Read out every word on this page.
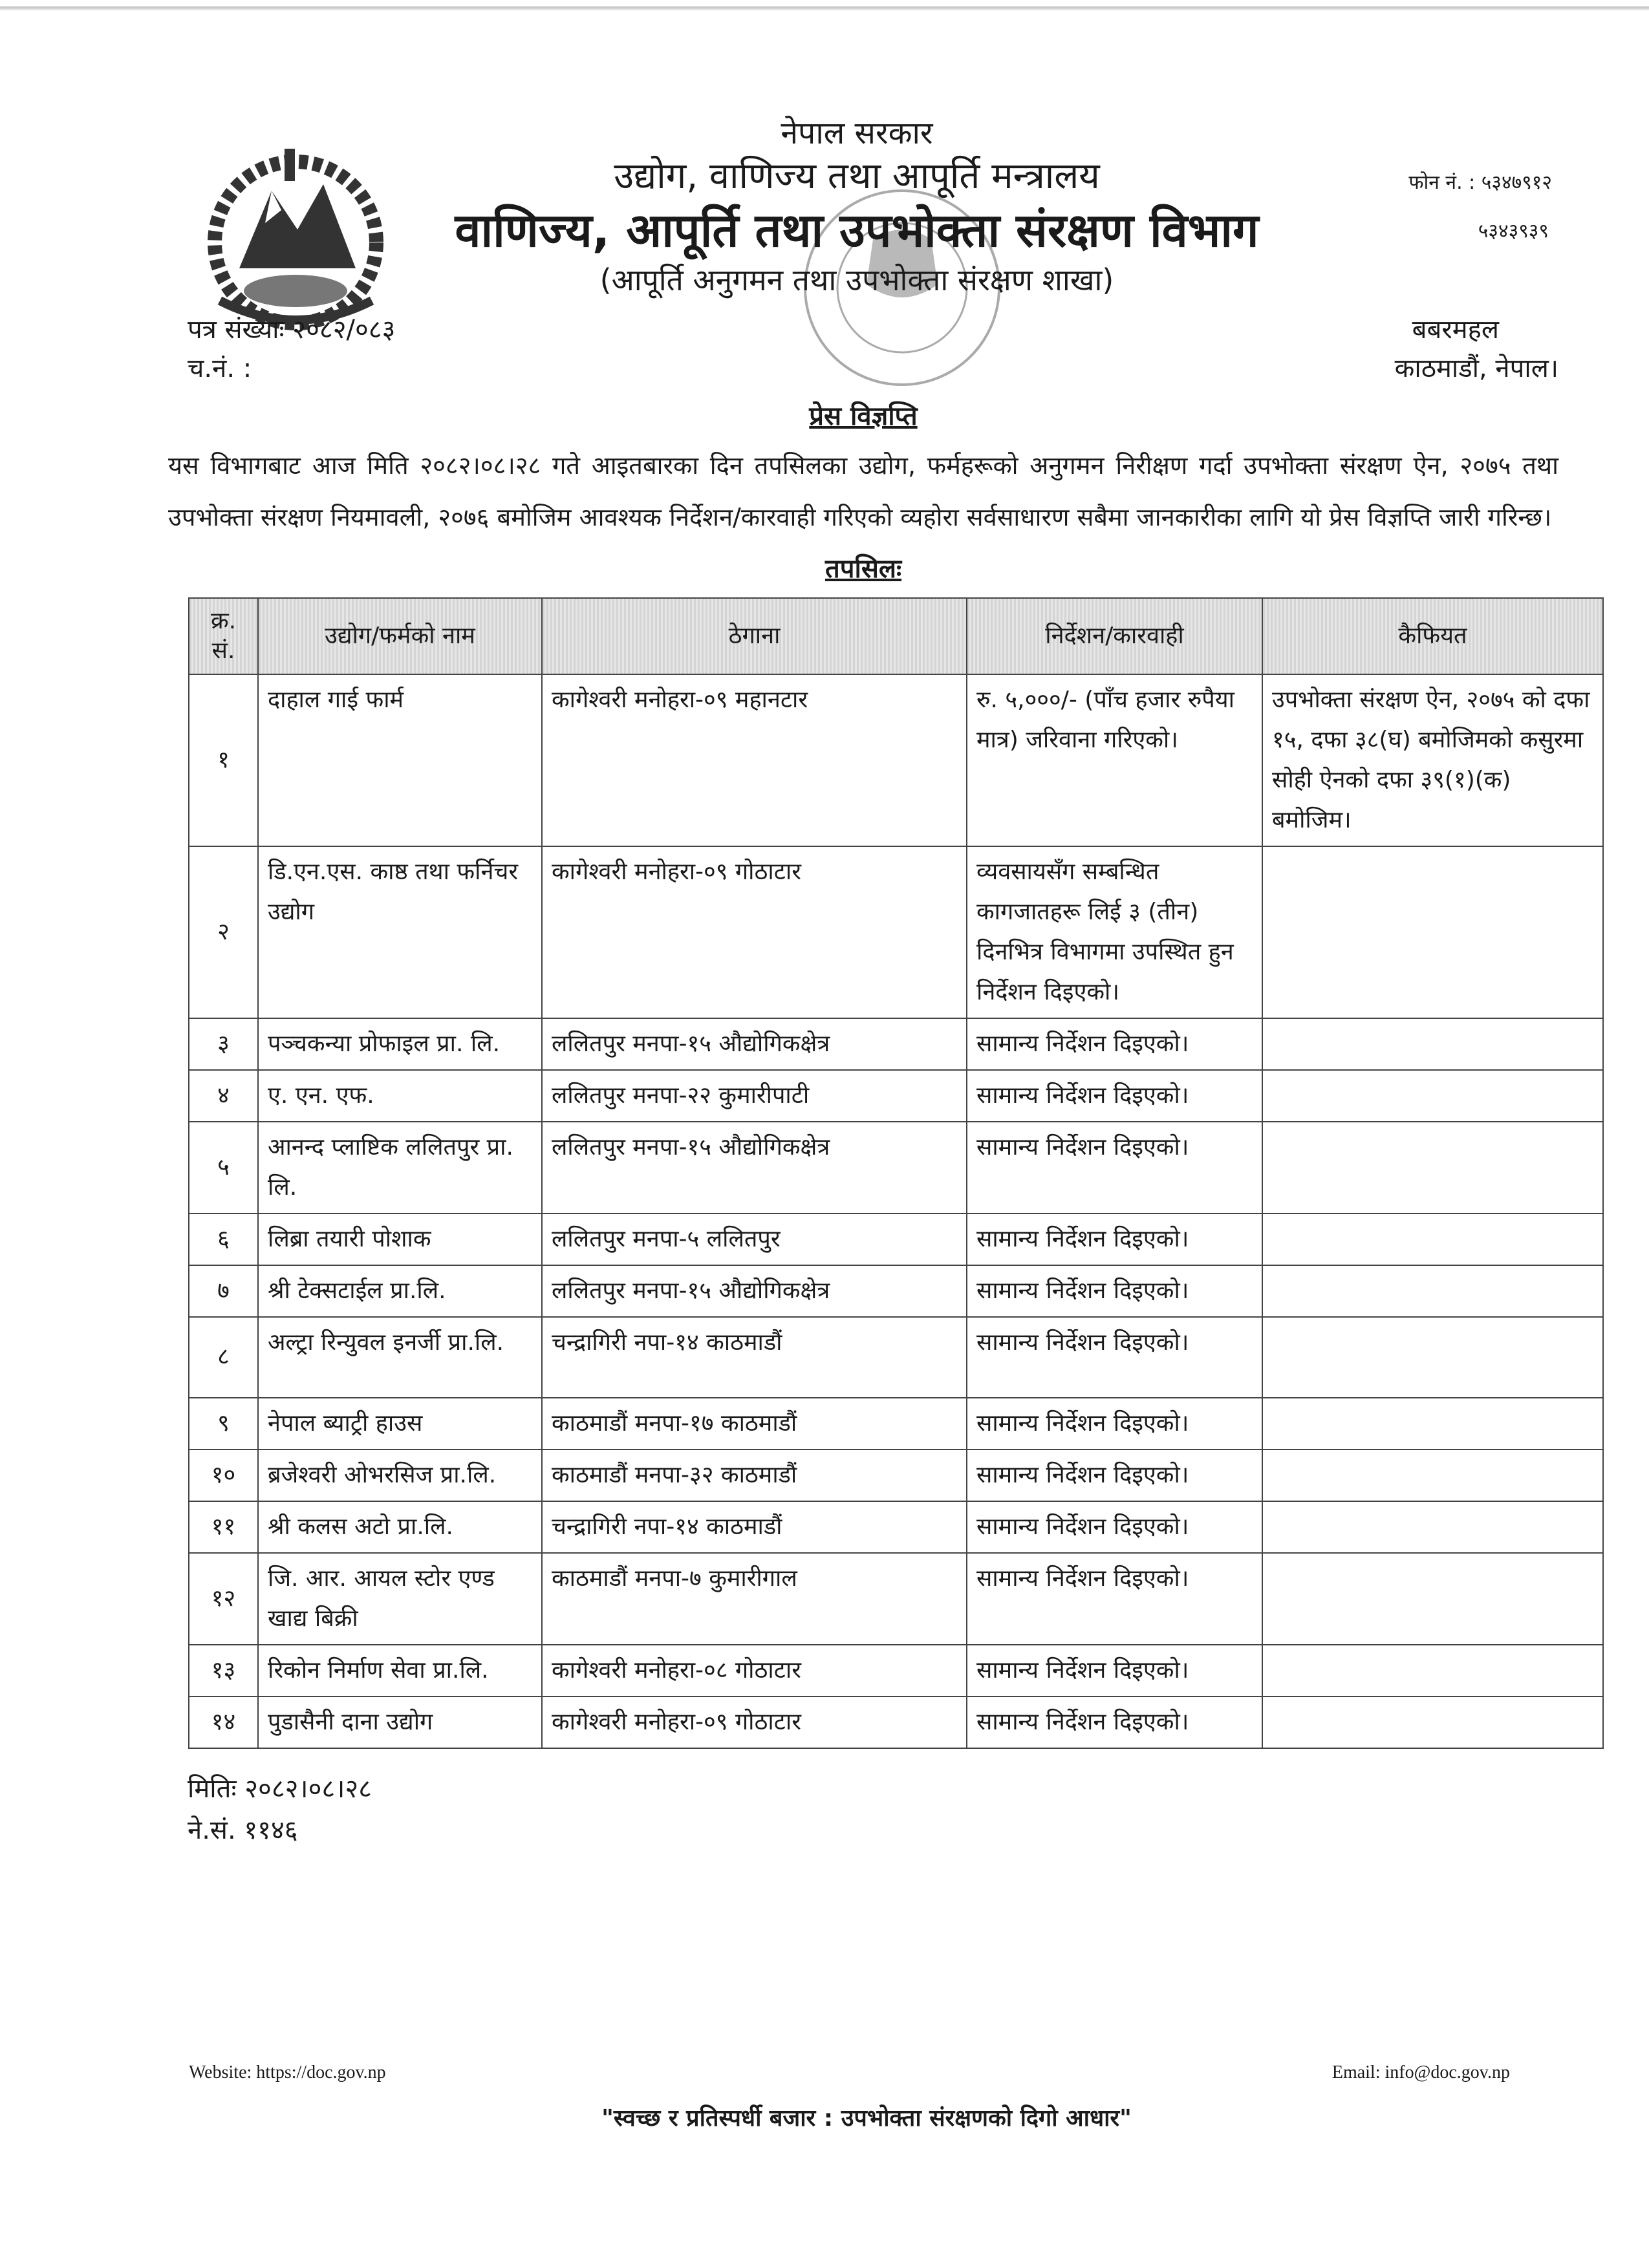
फोन नं. : ५३४७९१२
५३४३९३९
नेपाल सरकार
उद्योग, वाणिज्य तथा आपूर्ति मन्त्रालय
वाणिज्य, आपूर्ति तथा उपभोक्ता संरक्षण विभाग
(आपूर्ति अनुगमन तथा उपभोक्ता संरक्षण शाखा)
पत्र संख्याः २०८२/०८३	बबरमहल
च.नं. :	काठमाडौं, नेपाल।
प्रेस विज्ञप्ति
यस विभागबाट आज मिति २०८२।०८।२८ गते आइतबारका दिन तपसिलका उद्योग, फर्महरूको अनुगमन निरीक्षण गर्दा उपभोक्ता संरक्षण ऐन, २०७५ तथा उपभोक्ता संरक्षण नियमावली, २०७६ बमोजिम आवश्यक निर्देशन/कारवाही गरिएको व्यहोरा सर्वसाधारण सबैमा जानकारीका लागि यो प्रेस विज्ञप्ति जारी गरिन्छ।
तपसिलः
क्र. सं.	उद्योग/फर्मको नाम	ठेगाना	निर्देशन/कारवाही	कैफियत
१	दाहाल गाई फार्म	कागेश्वरी मनोहरा-०९ महानटार	रु. ५,०००/- (पाँच हजार रुपैया मात्र) जरिवाना गरिएको।	उपभोक्ता संरक्षण ऐन, २०७५ को दफा १५, दफा ३८(घ) बमोजिमको कसुरमा सोही ऐनको दफा ३९(१)(क) बमोजिम।
२	डि.एन.एस. काष्ठ तथा फर्निचर उद्योग	कागेश्वरी मनोहरा-०९ गोठाटार	व्यवसायसँग सम्बन्धित कागजातहरू लिई ३ (तीन) दिनभित्र विभागमा उपस्थित हुन निर्देशन दिइएको।	
३	पञ्चकन्या प्रोफाइल प्रा. लि.	ललितपुर मनपा-१५ औद्योगिकक्षेत्र	सामान्य निर्देशन दिइएको।	
४	ए. एन. एफ.	ललितपुर मनपा-२२ कुमारीपाटी	सामान्य निर्देशन दिइएको।	
५	आनन्द प्लाष्टिक ललितपुर प्रा. लि.	ललितपुर मनपा-१५ औद्योगिकक्षेत्र	सामान्य निर्देशन दिइएको।	
६	लिब्रा तयारी पोशाक	ललितपुर मनपा-५ ललितपुर	सामान्य निर्देशन दिइएको।	
७	श्री टेक्सटाईल प्रा.लि.	ललितपुर मनपा-१५ औद्योगिकक्षेत्र	सामान्य निर्देशन दिइएको।	
८	अल्ट्रा रिन्युवल इनर्जी प्रा.लि.	चन्द्रागिरी नपा-१४ काठमाडौं	सामान्य निर्देशन दिइएको।	
९	नेपाल ब्याट्री हाउस	काठमाडौं मनपा-१७ काठमाडौं	सामान्य निर्देशन दिइएको।	
१०	ब्रजेश्वरी ओभरसिज प्रा.लि.	काठमाडौं मनपा-३२ काठमाडौं	सामान्य निर्देशन दिइएको।	
११	श्री कलस अटो प्रा.लि.	चन्द्रागिरी नपा-१४ काठमाडौं	सामान्य निर्देशन दिइएको।	
१२	जि. आर. आयल स्टोर एण्ड खाद्य बिक्री	काठमाडौं मनपा-७ कुमारीगाल	सामान्य निर्देशन दिइएको।	
१३	रिकोन निर्माण सेवा प्रा.लि.	कागेश्वरी मनोहरा-०८ गोठाटार	सामान्य निर्देशन दिइएको।	
१४	पुडासैनी दाना उद्योग	कागेश्वरी मनोहरा-०९ गोठाटार	सामान्य निर्देशन दिइएको।	
मितिः २०८२।०८।२८
ने.सं. ११४६
Website: https://doc.gov.np	Email: info@doc.gov.np
"स्वच्छ र प्रतिस्पर्धी बजार : उपभोक्ता संरक्षणको दिगो आधार"
